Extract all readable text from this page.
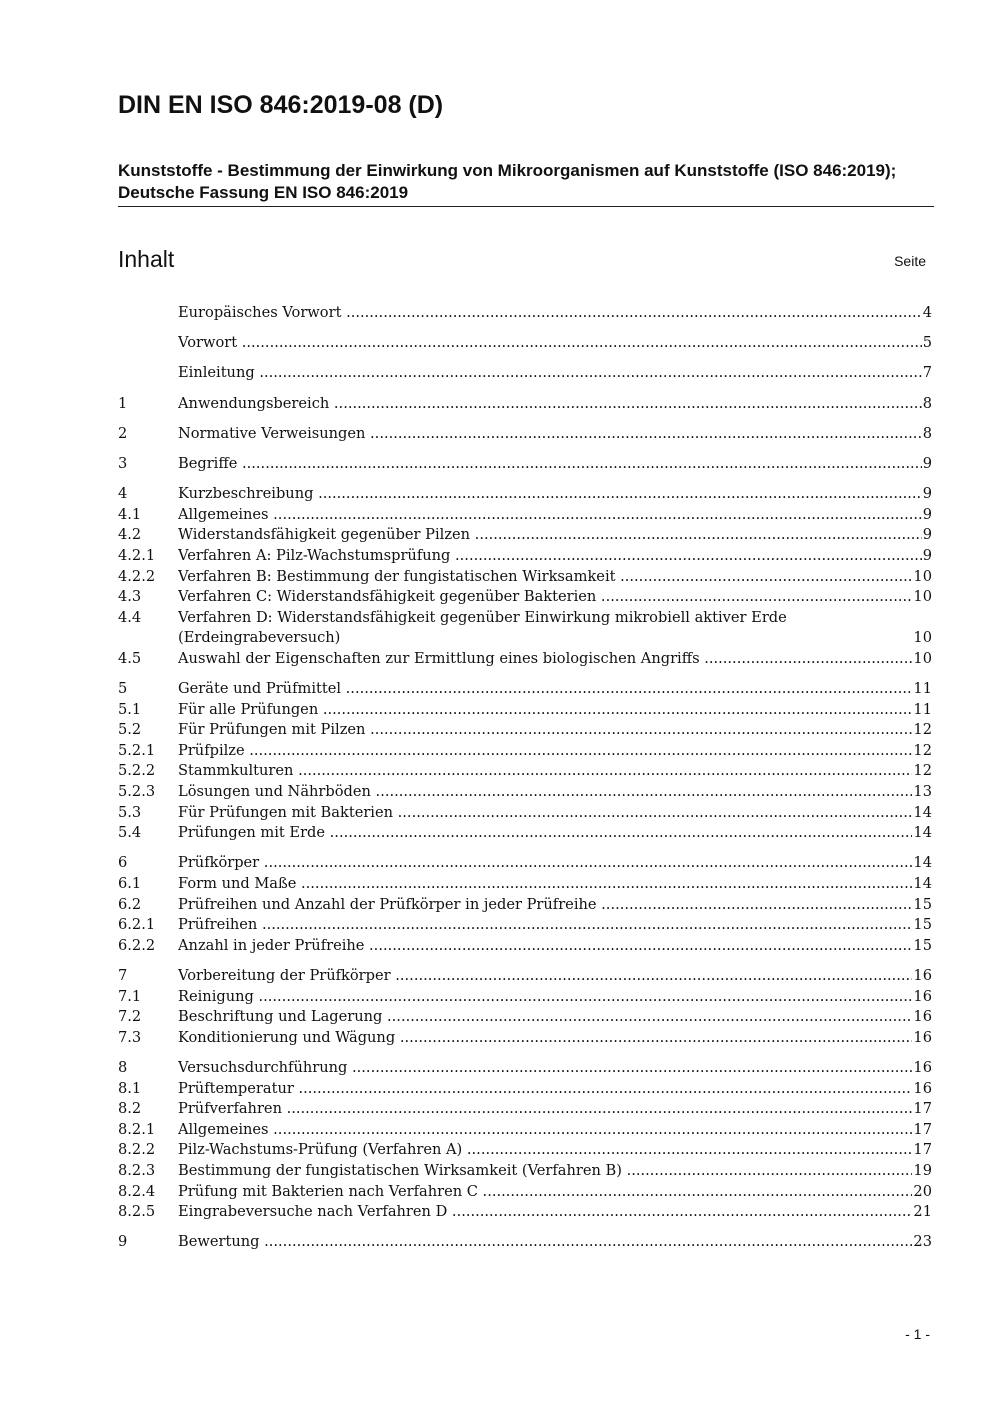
DIN EN ISO 846:2019-08 (D)
Kunststoffe - Bestimmung der Einwirkung von Mikroorganismen auf Kunststoffe (ISO 846:2019); Deutsche Fassung EN ISO 846:2019
Inhalt	Seite
Europäisches Vorwort .....	4
Vorwort .....	5
Einleitung .....	7
1	Anwendungsbereich .....	8
2	Normative Verweisungen .....	8
3	Begriffe .....	9
4	Kurzbeschreibung .....	9
4.1	Allgemeines .....	9
4.2	Widerstandsfähigkeit gegenüber Pilzen .....	9
4.2.1	Verfahren A: Pilz-Wachstumsprüfung .....	9
4.2.2	Verfahren B: Bestimmung der fungistatischen Wirksamkeit .....	10
4.3	Verfahren C: Widerstandsfähigkeit gegenüber Bakterien .....	10
4.4	Verfahren D: Widerstandsfähigkeit gegenüber Einwirkung mikrobiell aktiver Erde (Erdeingrabeversuch) .....	10
4.5	Auswahl der Eigenschaften zur Ermittlung eines biologischen Angriffs .....	10
5	Geräte und Prüfmittel .....	11
5.1	Für alle Prüfungen .....	11
5.2	Für Prüfungen mit Pilzen .....	12
5.2.1	Prüfpilze .....	12
5.2.2	Stammkulturen .....	12
5.2.3	Lösungen und Nährböden .....	13
5.3	Für Prüfungen mit Bakterien .....	14
5.4	Prüfungen mit Erde .....	14
6	Prüfkörper .....	14
6.1	Form und Maße .....	14
6.2	Prüfreihen und Anzahl der Prüfkörper in jeder Prüfreihe .....	15
6.2.1	Prüfreihen .....	15
6.2.2	Anzahl in jeder Prüfreihe .....	15
7	Vorbereitung der Prüfkörper .....	16
7.1	Reinigung .....	16
7.2	Beschriftung und Lagerung .....	16
7.3	Konditionierung und Wägung .....	16
8	Versuchsdurchführung .....	16
8.1	Prüftemperatur .....	16
8.2	Prüfverfahren .....	17
8.2.1	Allgemeines .....	17
8.2.2	Pilz-Wachstums-Prüfung (Verfahren A) .....	17
8.2.3	Bestimmung der fungistatischen Wirksamkeit (Verfahren B) .....	19
8.2.4	Prüfung mit Bakterien nach Verfahren C .....	20
8.2.5	Eingrabeversuche nach Verfahren D .....	21
9	Bewertung .....	23
- 1 -
